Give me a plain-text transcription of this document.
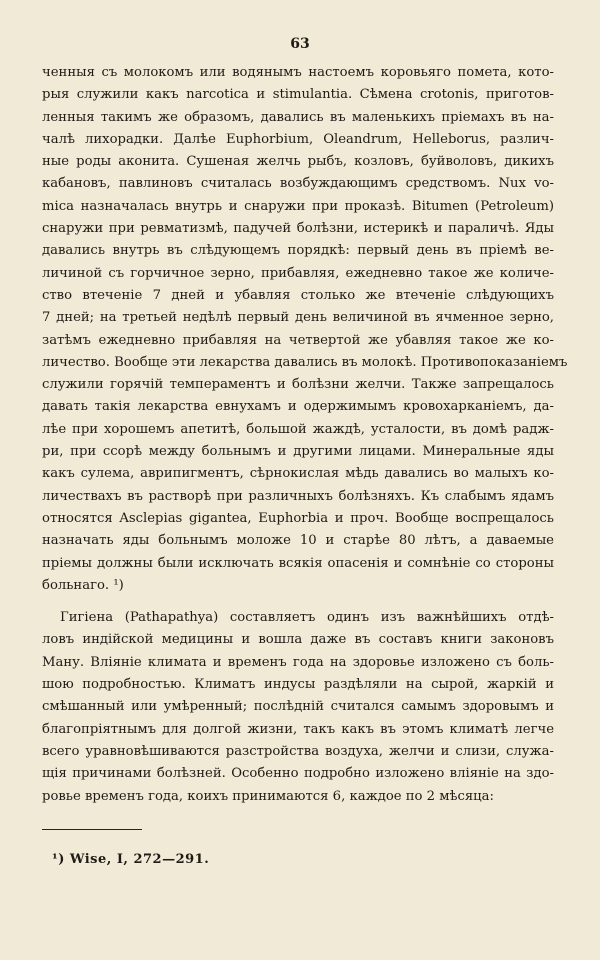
63
ченныя съ молокомъ или водянымъ настоемъ коровьяго помета, кото-
рыя служили какъ narcotica и stimulantia. Сѣмена crotonis, приготов-
ленныя такимъ же образомъ, давались въ маленькихъ пріемахъ въ на-
чалѣ лихорадки. Далѣе Euphorbium, Oleandrum, Helleborus, различ-
ные роды аконита. Сушеная желчь рыбъ, козловъ, буйволовъ, дикихъ
кабановъ, павлиновъ считалась возбуждающимъ средствомъ. Nux vo-
mica назначалась внутрь и снаружи при проказѣ. Bitumen (Petroleum)
снаружи при ревматизмѣ, падучей болѣзни, истерикѣ и параличѣ. Яды
давались внутрь въ слѣдующемъ порядкѣ: первый день въ пріемѣ ве-
личиной съ горчичное зерно, прибавляя, ежедневно такое же количе-
ство втеченіе 7 дней и убавляя столько же втеченіе слѣдующихъ
7 дней; на третьей недѣлѣ первый день величиной въ ячменное зерно,
затѣмъ ежедневно прибавляя на четвертой же убавляя такое же ко-
личество. Вообще эти лекарства давались въ молокѣ. Противопоказаніемъ
служили горячій темпераментъ и болѣзни желчи. Также запрещалось
давать такія лекарства евнухамъ и одержимымъ кровохарканіемъ, да-
лѣе при хорошемъ апетитѣ, большой жаждѣ, усталости, въ домѣ радж-
ри, при ссорѣ между больнымъ и другими лицами. Минеральные яды
какъ сулема, аврипигментъ, сѣрнокислая мѣдь давались во малыхъ ко-
личествахъ въ растворѣ при различныхъ болѣзняхъ. Къ слабымъ ядамъ
относятся Asclepias gigantea, Euphorbia и проч. Вообще воспрещалось
назначать яды больнымъ моложе 10 и старѣе 80 лѣтъ, а даваемые
пріемы должны были исключать всякія опасенія и сомнѣніе со стороны
больнаго. ¹)
Гигіена (Pathapathya) составляетъ одинъ изъ важнѣйшихъ отдѣ-
ловъ индійской медицины и вошла даже въ составъ книги законовъ
Ману. Вліяніе климата и временъ года на здоровье изложено съ боль-
шою подробностью. Климатъ индусы раздѣляли на сырой, жаркій и
смѣшанный или умѣренный; послѣдній считался самымъ здоровымъ и
благопріятнымъ для долгой жизни, такъ какъ въ этомъ климатѣ легче
всего уравновѣшиваются разстройства воздуха, желчи и слизи, служа-
щія причинами болѣзней. Особенно подробно изложено вліяніе на здо-
ровье временъ года, коихъ принимаются 6, каждое по 2 мѣсяца:
¹) Wise, I, 272—291.
